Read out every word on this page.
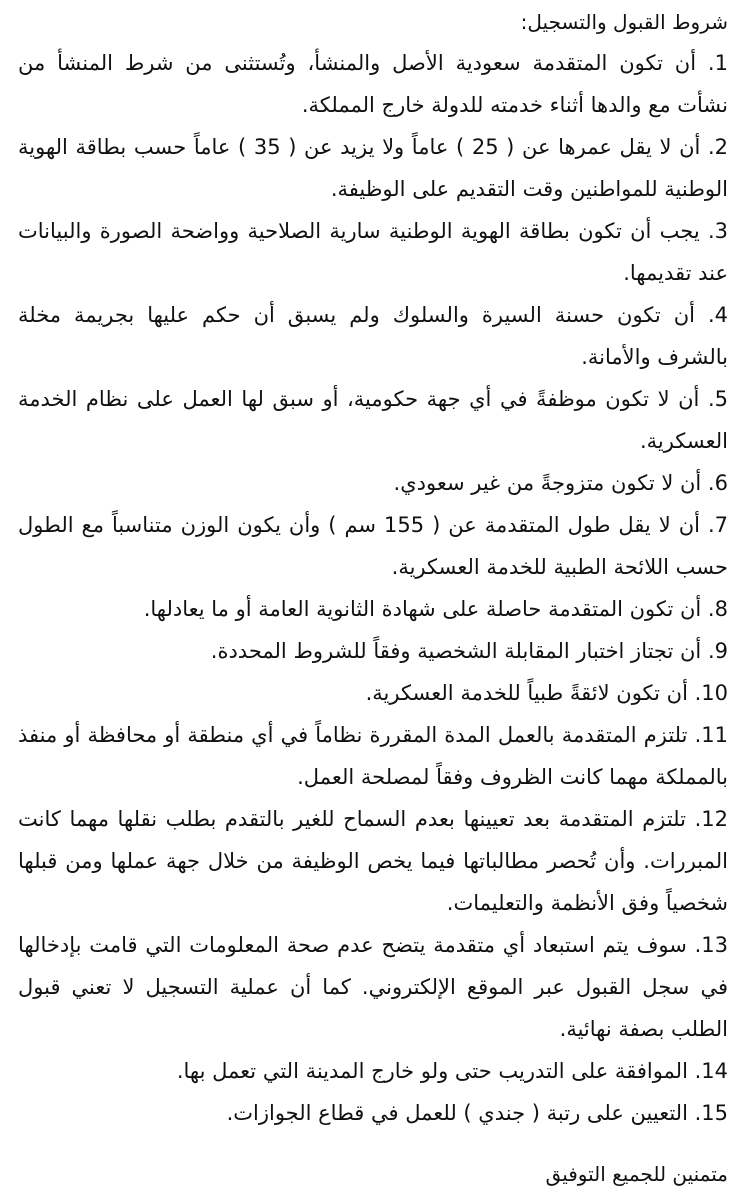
شروط القبول والتسجيل:
1. أن تكون المتقدمة سعودية الأصل والمنشأ، وتُستثنى من شرط المنشأ من نشأت مع والدها أثناء خدمته للدولة خارج المملكة.
2. أن لا يقل عمرها عن ( 25 ) عاماً ولا يزيد عن ( 35 ) عاماً حسب بطاقة الهوية الوطنية للمواطنين وقت التقديم على الوظيفة.
3. يجب أن تكون بطاقة الهوية الوطنية سارية الصلاحية وواضحة الصورة والبيانات عند تقديمها.
4. أن تكون حسنة السيرة والسلوك ولم يسبق أن حكم عليها بجريمة مخلة بالشرف والأمانة.
5. أن لا تكون موظفةً في أي جهة حكومية، أو سبق لها العمل على نظام الخدمة العسكرية.
6. أن لا تكون متزوجةً من غير سعودي.
7. أن لا يقل طول المتقدمة عن ( 155 سم ) وأن يكون الوزن متناسباً مع الطول حسب اللائحة الطبية للخدمة العسكرية.
8. أن تكون المتقدمة حاصلة على شهادة الثانوية العامة أو ما يعادلها.
9. أن تجتاز اختبار المقابلة الشخصية وفقاً للشروط المحددة.
10. أن تكون لائقةً طبياً للخدمة العسكرية.
11. تلتزم المتقدمة بالعمل المدة المقررة نظاماً في أي منطقة أو محافظة أو منفذ بالمملكة مهما كانت الظروف وفقاً لمصلحة العمل.
12. تلتزم المتقدمة بعد تعيينها بعدم السماح للغير بالتقدم بطلب نقلها مهما كانت المبررات. وأن تُحصر مطالباتها فيما يخص الوظيفة من خلال جهة عملها ومن قبلها شخصياً وفق الأنظمة والتعليمات.
13. سوف يتم استبعاد أي متقدمة يتضح عدم صحة المعلومات التي قامت بإدخالها في سجل القبول عبر الموقع الإلكتروني. كما أن عملية التسجيل لا تعني قبول الطلب بصفة نهائية.
14. الموافقة على التدريب حتى ولو خارج المدينة التي تعمل بها.
15. التعيين على رتبة ( جندي ) للعمل في قطاع الجوازات.
متمنين للجميع التوفيق
